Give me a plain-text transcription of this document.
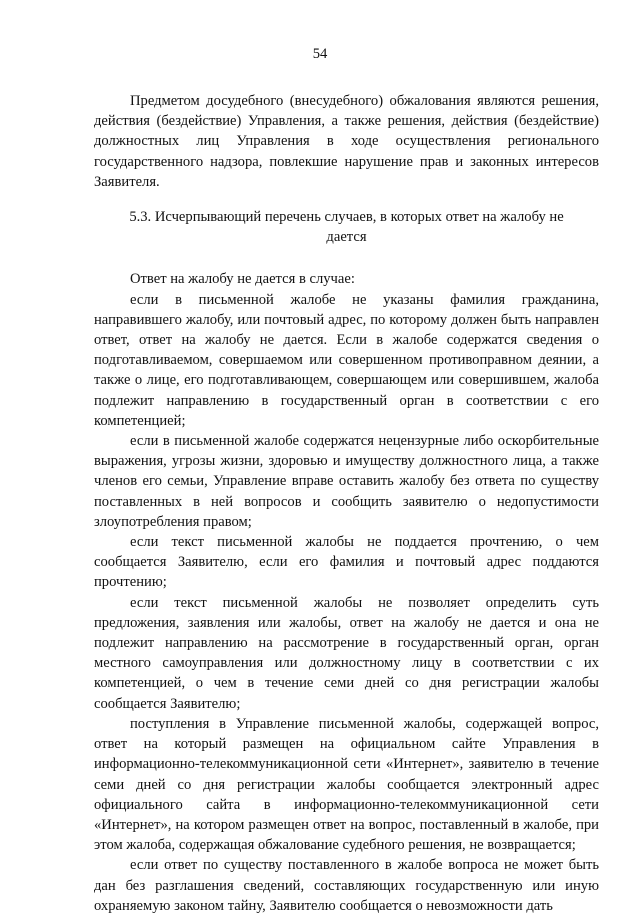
54

Предметом досудебного (внесудебного) обжалования являются решения, действия (бездействие) Управления, а также решения, действия (бездействие) должностных лиц Управления в ходе осуществления регионального государственного надзора, повлекшие нарушение прав и законных интересов Заявителя.

5.3. Исчерпывающий перечень случаев, в которых ответ на жалобу не дается

Ответ на жалобу не дается в случае:

если в письменной жалобе не указаны фамилия гражданина, направившего жалобу, или почтовый адрес, по которому должен быть направлен ответ, ответ на жалобу не дается. Если в жалобе содержатся сведения о подготавливаемом, совершаемом или совершенном противоправном деянии, а также о лице, его подготавливающем, совершающем или совершившем, жалоба подлежит направлению в государственный орган в соответствии с его компетенцией;

если в письменной жалобе содержатся нецензурные либо оскорбительные выражения, угрозы жизни, здоровью и имуществу должностного лица, а также членов его семьи, Управление вправе оставить жалобу без ответа по существу поставленных в ней вопросов и сообщить заявителю о недопустимости злоупотребления правом;

если текст письменной жалобы не поддается прочтению, о чем сообщается Заявителю, если его фамилия и почтовый адрес поддаются прочтению;

если текст письменной жалобы не позволяет определить суть предложения, заявления или жалобы, ответ на жалобу не дается и она не подлежит направлению на рассмотрение в государственный орган, орган местного самоуправления или должностному лицу в соответствии с их компетенцией, о чем в течение семи дней со дня регистрации жалобы сообщается Заявителю;

поступления в Управление письменной жалобы, содержащей вопрос, ответ на который размещен на официальном сайте Управления в информационно-телекоммуникационной сети «Интернет», заявителю в течение семи дней со дня регистрации жалобы сообщается электронный адрес официального сайта в информационно-телекоммуникационной сети «Интернет», на котором размещен ответ на вопрос, поставленный в жалобе, при этом жалоба, содержащая обжалование судебного решения, не возвращается;

если ответ по существу поставленного в жалобе вопроса не может быть дан без разглашения сведений, составляющих государственную или иную охраняемую законом тайну, Заявителю сообщается о невозможности дать
